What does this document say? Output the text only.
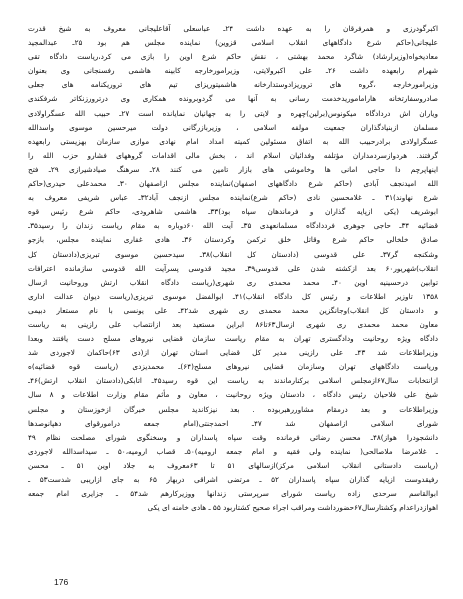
اکبرگودرزی و همرفرقان را به عهده داشت ۲۴ـ عباسعلی آقاعلیجانی معروف به شیخ قدرت
علیجانی(حاکم شرع دادگاههای انقلاب اسلامی قزوین) نماینده مجلس هم بود ۲۵ـ عبدالمجید
معادیخواه(وزیرارشاد) شاگرد محمد بهشتی ، نقش حاکم شرع اوین را بازی می کرد،ریاست دادگاه تقی
شهرام رابعهده داشت ۲۶ـ علی اکبرولایتی، وزیرامورخارجه کابینه هاشمی رفسنجانی وی بعنوان
وزیرامورخارجه ،گروه های تروریزادوستدارخانه هاشمیتوریزای تیم های تروریکنامه های جعلی
صادروسفارتخانه هاراماموریدخدمت رسانی به آنها می گردوبرونده همکاری وی درترورزنکاتر شرفکندی
ویاران اش دردادگاه میکونوس(برلین)چهره و لایتی را به جهانیان نمایانده است ۲۷ـ حبیب الله عسگراولادی
مسلمان ازبنیادگذاران جمعیت مولفه اسلامی ، وزیربازرگانی دولت میرحسین موسوی واسدالله
عسگراولادی برادرحبیب الله به اتفاق مسئولین کمیته امداد امام نهادی موازی سازمان بهزیستی رابعهده
گرفتند. هردوازسردمداران مؤتلفه وفدائیان اسلام اند ، بخش مالی اقدامات گروههای فشارو حزب الله را
اینهاپرچم دا حاجی امانی ها وخاموشی های بازار تامین می کنند ۲۸ـ سرهنگ صیادشیرازی ۲۹ـ فتح
الله امیدنجف آبادی (حاکم شرع دادگاههای اصفهان)نماینده مجلس ازاصفهان ۳۰ـ محمدعلی حیدری(حاکم
شرع نهاوند)۳۱ ـ غلامحسین نادی (حاکم شرع)نماینده مجلس ازنجف آباد۳۲ـ عباس شریفی معروف به
ابوشریف (یکی ازپایه گذاران و فرماندهان سپاه بود)۳۳ـ هاشمی شاهرودی، حاکم شرع رئیس قوه
قضائیه ۳۴ـ حاجی جوهری فرددادگاه مسلمانعهدی ۳۵ـ آیت الله ۶۰دوباره به مقام ریاست زندان را رسید۳۵ـ
صادق خلخالی حاکم شرع وقاتل خلق ترکمن وکردستان ۳۶ـ هادی غفاری نماینده مجلس، بازجو
وشکنجه گر۳۷ـ علی قدوسی (دادستان کل انقلاب)۳۸ـ سیدحسین موسوی تبریزی(دادستان کل
انقلاب)شهریور۶۰ بعد ازکشته شدن علی قدوسی۳۹ـ مجید قدوسی پسرآیت الله قدوسی سازمانده اعترافات
توابین درحسینیه اوین ۴۰ـ محمد محمدی ری شهری(ریاست دادگاه انقلاب ارتش وروحانیت ازسال
۱۳۵۸ تاوزیر اطلاعات و رئیس کل دادگاه انقلاب)۴۱ـ ابوالفضل موسوی تبریزی(ریاست دیوان عدالت اداری
و دادستان کل انقلاب)وجانگزین محمد محمدی ری شهری شد۴۲ـ علی یونسی با نام مستعار دبیمی
معاون محمد محمدی ری شهری ازسال۶۳تا۸۶ ابراین مستعید بعد ازانتصاب علی رازینی به ریاست
دادگاه ویژه روحانیت ودادگستری تهران به مقام ریاست سازمان قضایی نیروهای مسلح دست یافتند وبعدا
وزیراطلاعات شد ۴۳ـ علی رازینی مدیر کل قضایی استان تهران از(دی ۶۳)حاکمان لاجوردی شد
وریاست دادگاههای تهران وسازمان قضایی نیروهای مسلح(۶۴)ـ محمدیزدی (ریاست قوه قضائیه)ه
ازانتخابات سال۶۷ازمجلس اسلامی برکنارماندند به ریاست این قوه رسید۴۵ـ اتابکی(دادستان انقلاب ارتش)۴۶ـ
شیخ علی فلاحیان رئیس دادگاه ، دادستان ویژه روحانیت ، معاون و مأثم مقام وزارت اطلاعات و ۸ سال
وزیراطلاعات و بعد درمقام مشاوررهبربوده . بعد نیزکاندید مجلس خبرگان ازخوزستان و مجلس
شورای اسلامی ازاصفهان شد ۴۷ـ احمدجنتی(امام جمعه درامورقوای دهپانوصدها
دانشجودرا هواز)۴۸ـ محسن رضائی فرمانده وقت سپاه پاسداران و وسخنگوی شورای مصلحت نظام ۴۹
ـ غلامرضا ملاصالحی( نماینده ولی فقیه و امام جمعه ارومیه)۵۰ـ قصاب ارومیه،۵۰ ـ سیداسدالله لاجوردی
(ریاست دادستانی انقلاب اسلامی مرکز)ازسالهای ۵۱ تا ۶۳معروف به جلاد اوین ۵۱ ـ محسن
رفیقدوست ازپایه گذاران سپاه پاسداران ۵۲ ـ مرتضی اشراقی دربهار ۶۵ به جای ازاریبی شدست۵۳ ـ
ابوالقاسم سرحدی زاده ریاست شورای سرپرستی زندانها ووزیرکارهم شد۵۴ ـ جزایری امام جمعه
اهوازدراعدام وکشتارسال۶۷حضورداشت ومراقب اجراء صحیح کشتاربود ۵۵ ـ هادی خامنه ای یکی
176
